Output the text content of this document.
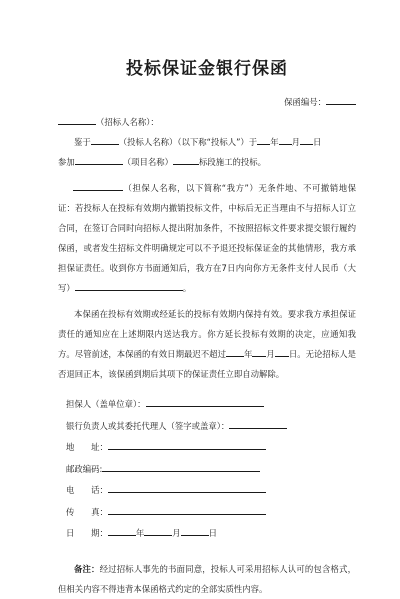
投标保证金银行保函
保函编号：
（招标人名称）：
鉴于	（投标人名称）（以下称“投标人”）于 年 月 日
参加	（项目名称）	标段施工的投标。
（担保人名称，以下简称“我方”）无条件地、不可撤销地保证：若投标人在投标有效期内撤销投标文件，中标后无正当理由不与招标人订立合同，在签订合同时向招标人提出附加条件，不按照招标文件要求提交银行履约保函，或者发生招标文件明确规定可以不予退还投标保证金的其他情形，我方承担保证责任。收到你方书面通知后，我方在7日内向你方无条件支付人民币（大写）	。
本保函在投标有效期或经延长的投标有效期内保持有效。要求我方承担保证责任的通知应在上述期限内送达我方。你方延长投标有效期的决定，应通知我方。尽管前述，本保函的有效日期最迟不超过 年 月 日。无论招标人是否退回正本，该保函到期后其项下的保证责任立即自动解除。
担保人（盖单位章）：
银行负责人或其委托代理人（签字或盖章）：
地　　址：
邮政编码:
电　　话：
传　　真：
日　　期：	年	月	日
备注：经过招标人事先的书面同意，投标人可采用招标人认可的包含格式，但相关内容不得违背本保函格式约定的全部实质性内容。
